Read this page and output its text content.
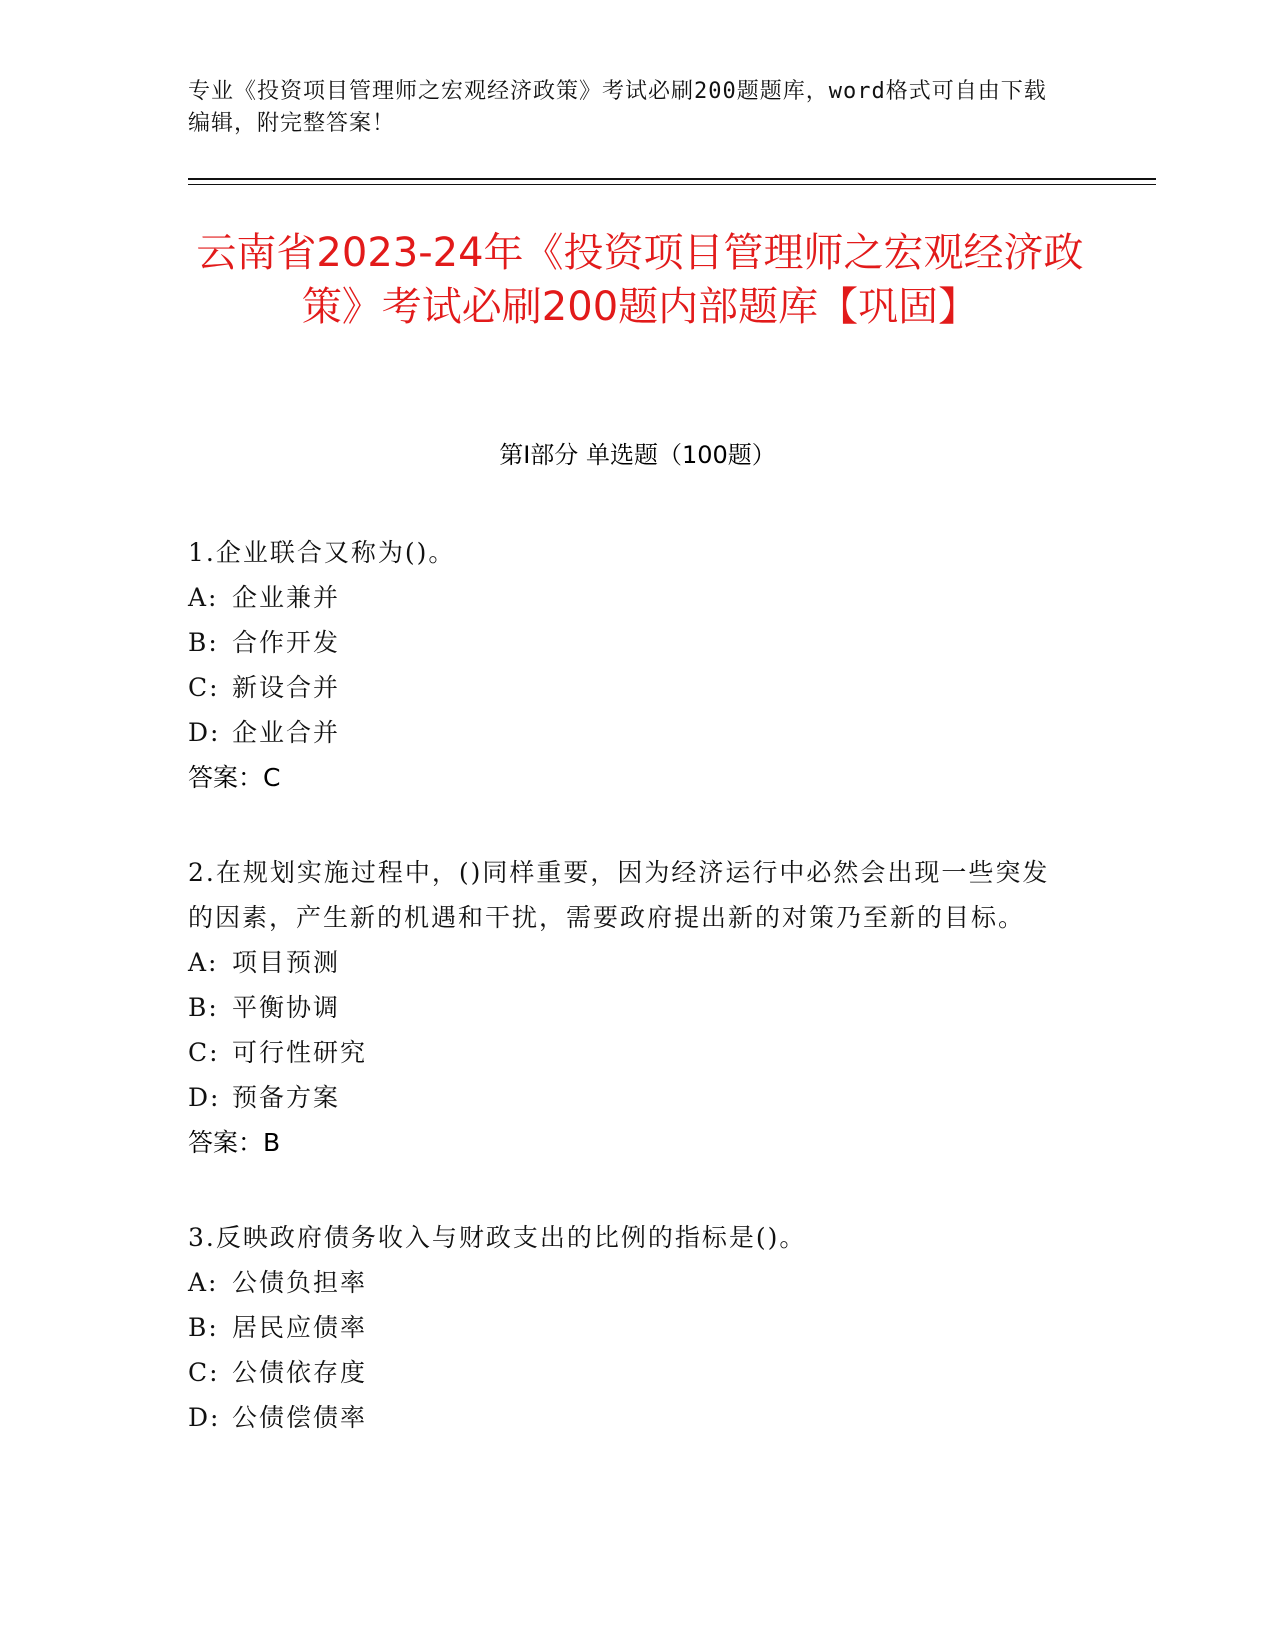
专业《投资项目管理师之宏观经济政策》考试必刷200题题库，word格式可自由下载编辑，附完整答案！
云南省2023-24年《投资项目管理师之宏观经济政策》考试必刷200题内部题库【巩固】
第I部分 单选题（100题）
1.企业联合又称为()。
A: 企业兼并
B: 合作开发
C: 新设合并
D: 企业合并
答案：C
2.在规划实施过程中，()同样重要，因为经济运行中必然会出现一些突发的因素，产生新的机遇和干扰，需要政府提出新的对策乃至新的目标。
A: 项目预测
B: 平衡协调
C: 可行性研究
D: 预备方案
答案：B
3.反映政府债务收入与财政支出的比例的指标是()。
A: 公债负担率
B: 居民应债率
C: 公债依存度
D: 公债偿债率
